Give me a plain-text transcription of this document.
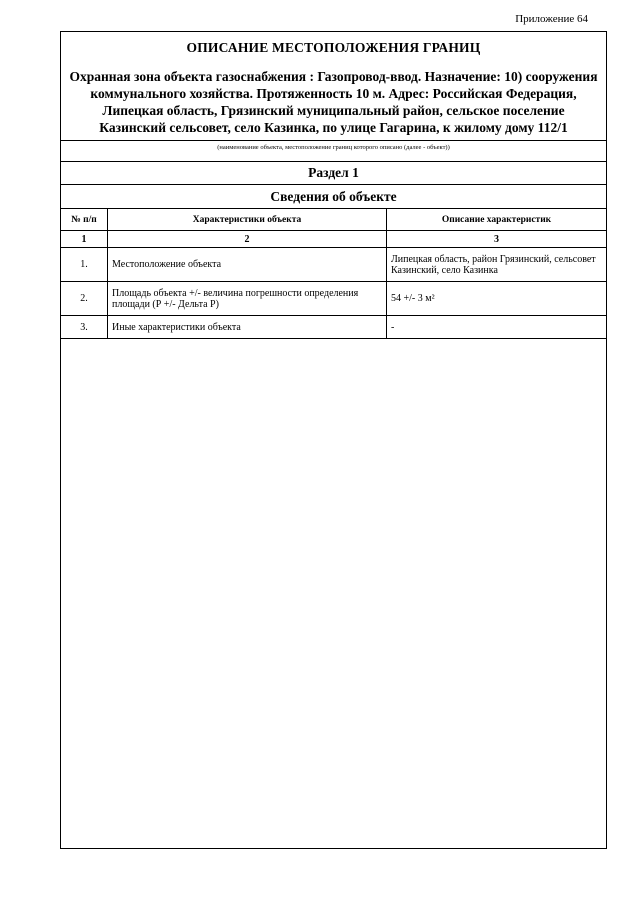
Приложение 64
ОПИСАНИЕ МЕСТОПОЛОЖЕНИЯ ГРАНИЦ
Охранная зона объекта газоснабжения : Газопровод-ввод. Назначение: 10) сооружения коммунального хозяйства. Протяженность 10 м. Адрес: Российская Федерация, Липецкая область, Грязинский муниципальный район, сельское поселение Казинский сельсовет, село Казинка, по улице Гагарина, к жилому дому 112/1
(наименование объекта, местоположение границ которого описано (далее - объект))
Раздел 1
Сведения об объекте
№ п/п	Характеристики объекта	Описание характеристик
1	2	3
1.	Местоположение объекта	Липецкая область, район Грязинский, сельсовет Казинский, село Казинка
2.	Площадь объекта +/- величина погрешности определения площади (Р +/- Дельта Р)	54 +/- 3 м²
3.	Иные характеристики объекта	-
